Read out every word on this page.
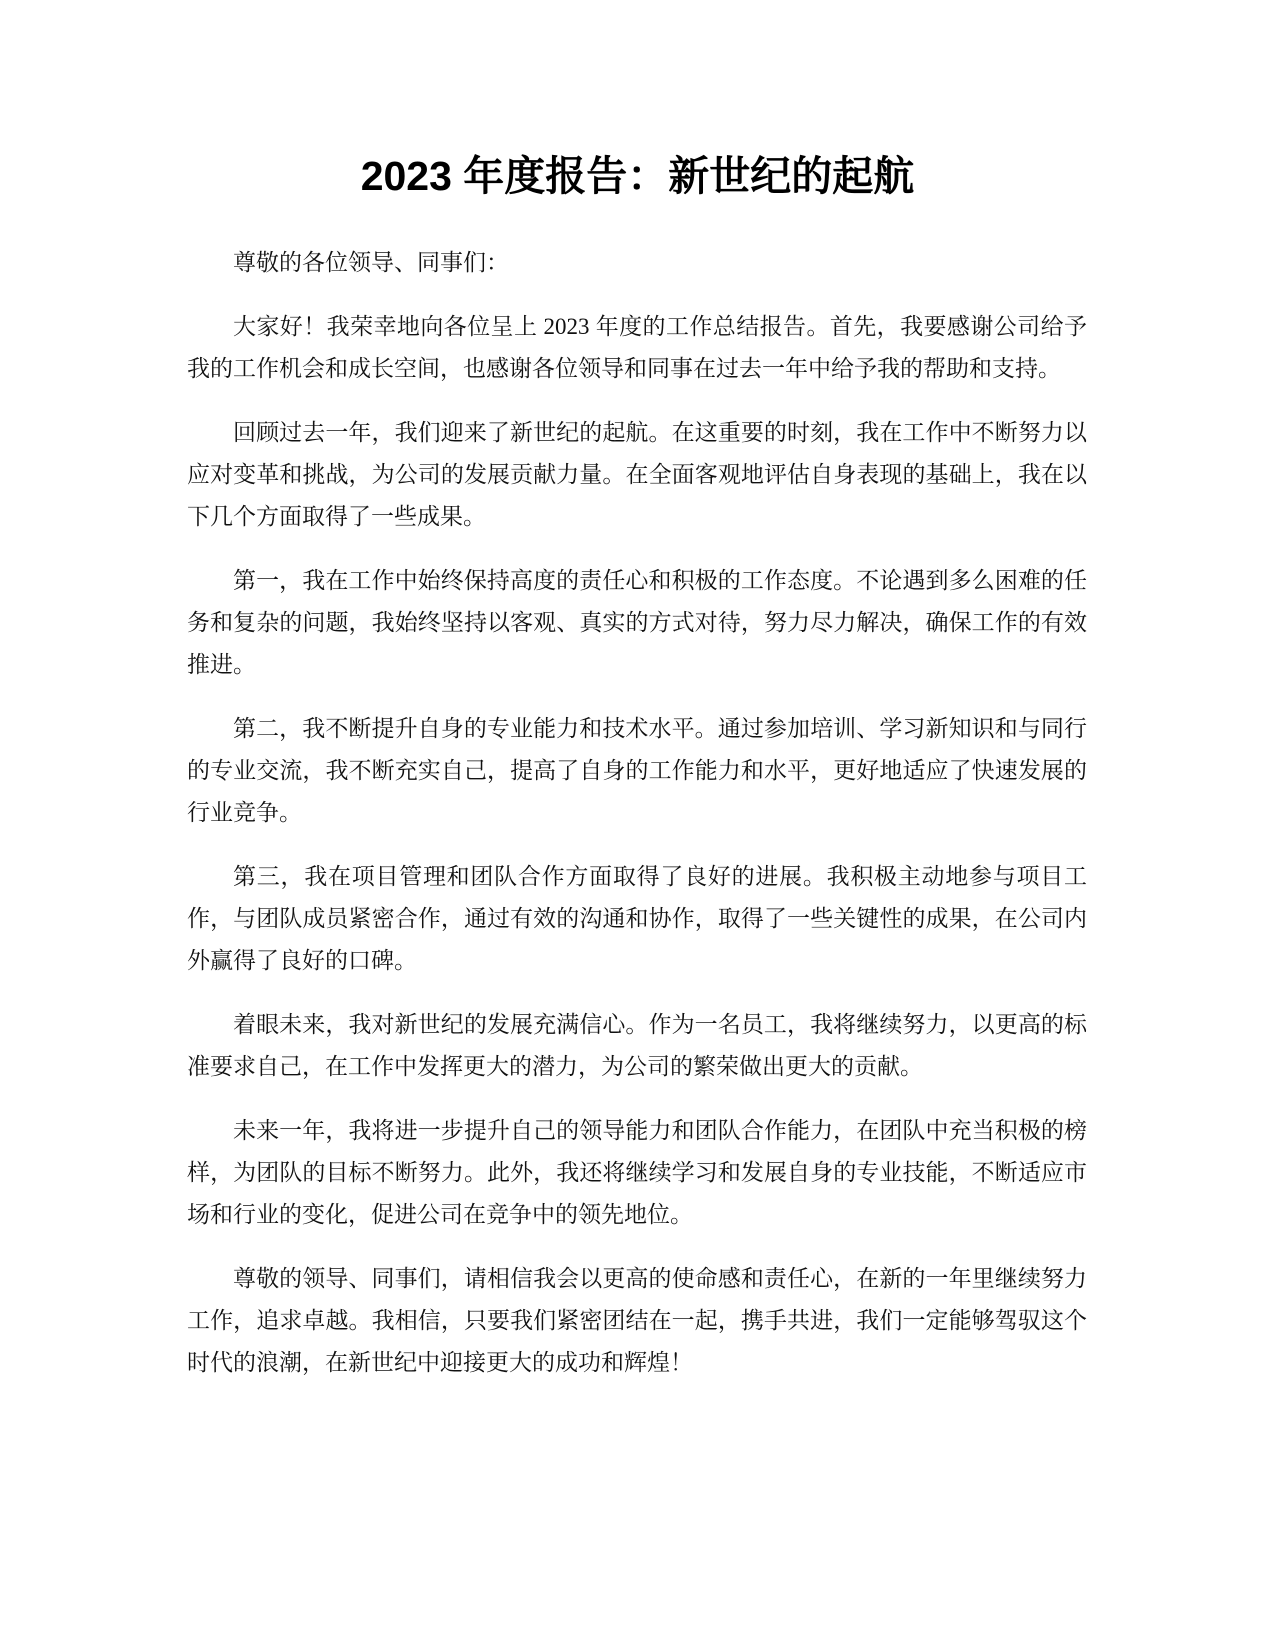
2023 年度报告：新世纪的起航

尊敬的各位领导、同事们：

大家好！我荣幸地向各位呈上 2023 年度的工作总结报告。首先，我要感谢公司给予我的工作机会和成长空间，也感谢各位领导和同事在过去一年中给予我的帮助和支持。

回顾过去一年，我们迎来了新世纪的起航。在这重要的时刻，我在工作中不断努力以应对变革和挑战，为公司的发展贡献力量。在全面客观地评估自身表现的基础上，我在以下几个方面取得了一些成果。

第一，我在工作中始终保持高度的责任心和积极的工作态度。不论遇到多么困难的任务和复杂的问题，我始终坚持以客观、真实的方式对待，努力尽力解决，确保工作的有效推进。

第二，我不断提升自身的专业能力和技术水平。通过参加培训、学习新知识和与同行的专业交流，我不断充实自己，提高了自身的工作能力和水平，更好地适应了快速发展的行业竞争。

第三，我在项目管理和团队合作方面取得了良好的进展。我积极主动地参与项目工作，与团队成员紧密合作，通过有效的沟通和协作，取得了一些关键性的成果，在公司内外赢得了良好的口碑。

着眼未来，我对新世纪的发展充满信心。作为一名员工，我将继续努力，以更高的标准要求自己，在工作中发挥更大的潜力，为公司的繁荣做出更大的贡献。

未来一年，我将进一步提升自己的领导能力和团队合作能力，在团队中充当积极的榜样，为团队的目标不断努力。此外，我还将继续学习和发展自身的专业技能，不断适应市场和行业的变化，促进公司在竞争中的领先地位。

尊敬的领导、同事们，请相信我会以更高的使命感和责任心，在新的一年里继续努力工作，追求卓越。我相信，只要我们紧密团结在一起，携手共进，我们一定能够驾驭这个时代的浪潮，在新世纪中迎接更大的成功和辉煌！
